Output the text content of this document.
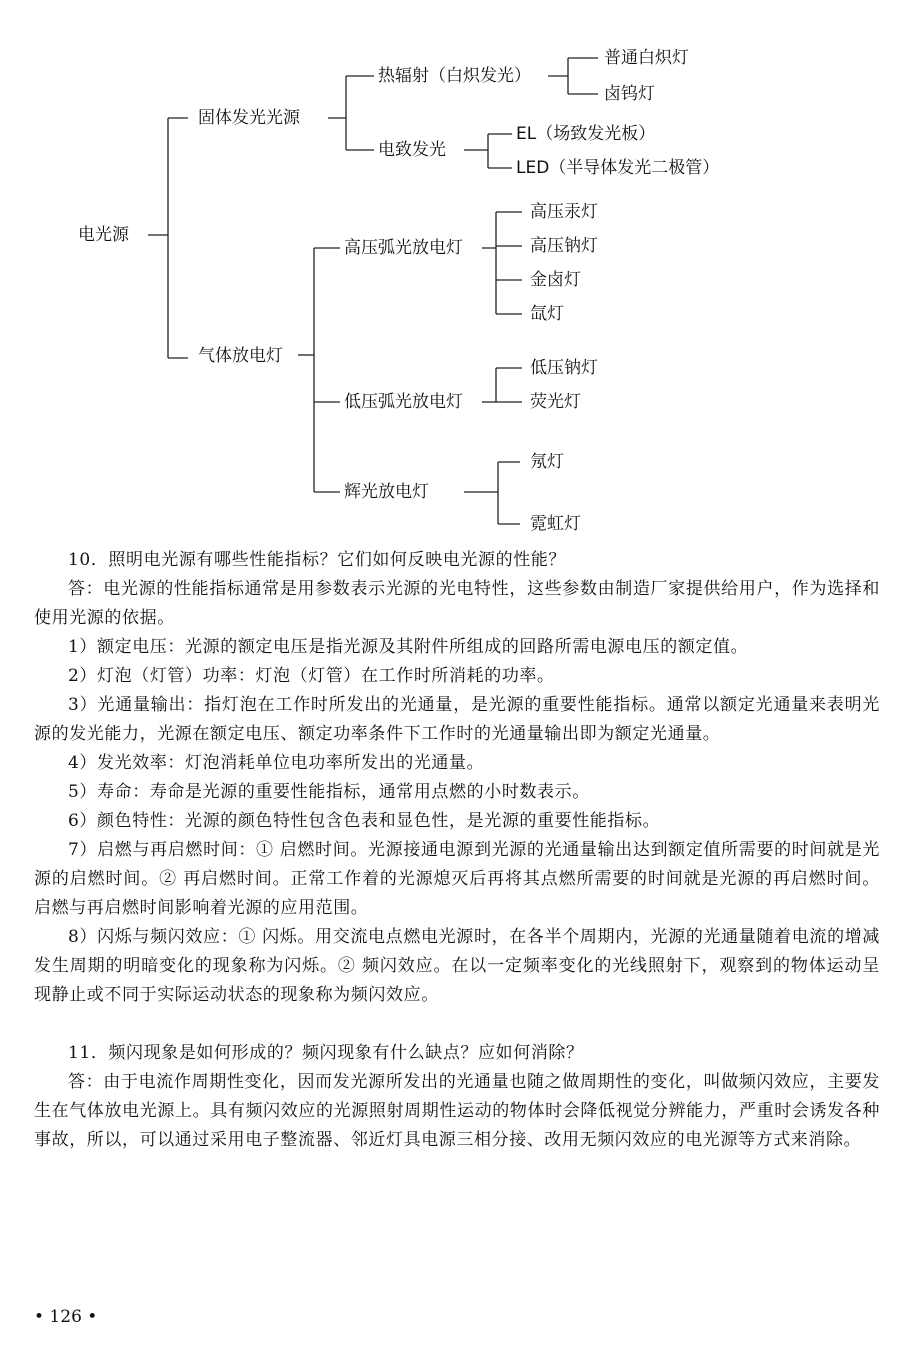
电光源
固体发光光源
热辐射（白炽发光）
普通白炽灯
卤钨灯
电致发光
EL（场致发光板）
LED（半导体发光二极管）
气体放电灯
高压弧光放电灯
高压汞灯
高压钠灯
金卤灯
氙灯
低压弧光放电灯
低压钠灯
荧光灯
辉光放电灯
氖灯
霓虹灯

10．照明电光源有哪些性能指标？它们如何反映电光源的性能？

答：电光源的性能指标通常是用参数表示光源的光电特性，这些参数由制造厂家提供给用户，作为选择和使用光源的依据。

1）额定电压：光源的额定电压是指光源及其附件所组成的回路所需电源电压的额定值。

2）灯泡（灯管）功率：灯泡（灯管）在工作时所消耗的功率。

3）光通量输出：指灯泡在工作时所发出的光通量，是光源的重要性能指标。通常以额定光通量来表明光源的发光能力，光源在额定电压、额定功率条件下工作时的光通量输出即为额定光通量。

4）发光效率：灯泡消耗单位电功率所发出的光通量。

5）寿命：寿命是光源的重要性能指标，通常用点燃的小时数表示。

6）颜色特性：光源的颜色特性包含色表和显色性，是光源的重要性能指标。

7）启燃与再启燃时间：① 启燃时间。光源接通电源到光源的光通量输出达到额定值所需要的时间就是光源的启燃时间。② 再启燃时间。正常工作着的光源熄灭后再将其点燃所需要的时间就是光源的再启燃时间。启燃与再启燃时间影响着光源的应用范围。

8）闪烁与频闪效应：① 闪烁。用交流电点燃电光源时，在各半个周期内，光源的光通量随着电流的增减发生周期的明暗变化的现象称为闪烁。② 频闪效应。在以一定频率变化的光线照射下，观察到的物体运动呈现静止或不同于实际运动状态的现象称为频闪效应。

11．频闪现象是如何形成的？频闪现象有什么缺点？应如何消除？

答：由于电流作周期性变化，因而发光源所发出的光通量也随之做周期性的变化，叫做频闪效应，主要发生在气体放电光源上。具有频闪效应的光源照射周期性运动的物体时会降低视觉分辨能力，严重时会诱发各种事故，所以，可以通过采用电子整流器、邻近灯具电源三相分接、改用无频闪效应的电光源等方式来消除。

• 126 •
